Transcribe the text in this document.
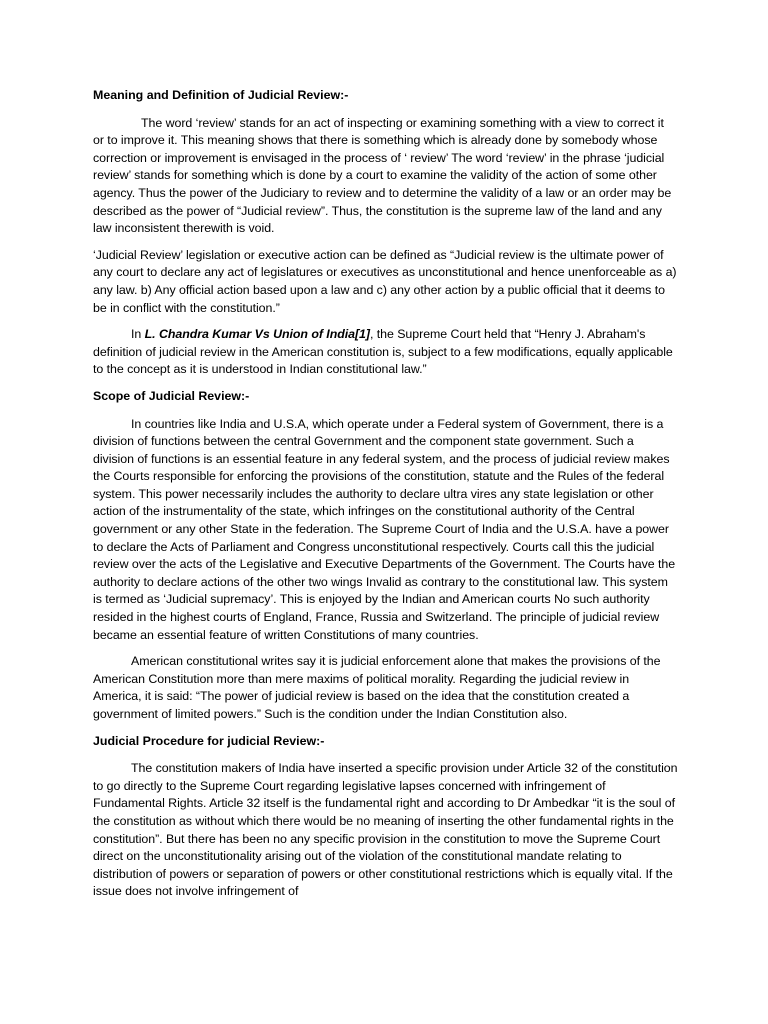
Meaning and Definition of Judicial Review:-

The word ‘review’ stands for an act of inspecting or examining something with a view to correct it or to improve it. This meaning shows that there is something which is already done by somebody whose correction or improvement is envisaged in the process of ‘ review’ The word ‘review’ in the phrase ‘judicial review’ stands for something which is done by a court to examine the validity of the action of some other agency. Thus the power of the Judiciary to review and to determine the validity of a law or an order may be described as the power of “Judicial review”. Thus, the constitution is the supreme law of the land and any law inconsistent therewith is void.

‘Judicial Review’ legislation or executive action can be defined as “Judicial review is the ultimate power of any court to declare any act of legislatures or executives as unconstitutional and hence unenforceable as a) any law. b) Any official action based upon a law and c) any other action by a public official that it deems to be in conflict with the constitution.”

In L. Chandra Kumar Vs Union of India[1], the Supreme Court held that “Henry J. Abraham's definition of judicial review in the American constitution is, subject to a few modifications, equally applicable to the concept as it is understood in Indian constitutional law.”

Scope of Judicial Review:-

In countries like India and U.S.A, which operate under a Federal system of Government, there is a division of functions between the central Government and the component state government. Such a division of functions is an essential feature in any federal system, and the process of judicial review makes the Courts responsible for enforcing the provisions of the constitution, statute and the Rules of the federal system. This power necessarily includes the authority to declare ultra vires any state legislation or other action of the instrumentality of the state, which infringes on the constitutional authority of the Central government or any other State in the federation. The Supreme Court of India and the U.S.A. have a power to declare the Acts of Parliament and Congress unconstitutional respectively. Courts call this the judicial review over the acts of the Legislative and Executive Departments of the Government. The Courts have the authority to declare actions of the other two wings Invalid as contrary to the constitutional law. This system is termed as ‘Judicial supremacy’. This is enjoyed by the Indian and American courts No such authority resided in the highest courts of England, France, Russia and Switzerland. The principle of judicial review became an essential feature of written Constitutions of many countries.

American constitutional writes say it is judicial enforcement alone that makes the provisions of the American Constitution more than mere maxims of political morality. Regarding the judicial review in America, it is said: “The power of judicial review is based on the idea that the constitution created a government of limited powers.” Such is the condition under the Indian Constitution also.

Judicial Procedure for judicial Review:-

The constitution makers of India have inserted a specific provision under Article 32 of the constitution to go directly to the Supreme Court regarding legislative lapses concerned with infringement of Fundamental Rights. Article 32 itself is the fundamental right and according to Dr Ambedkar “it is the soul of the constitution as without which there would be no meaning of inserting the other fundamental rights in the constitution”. But there has been no any specific provision in the constitution to move the Supreme Court direct on the unconstitutionality arising out of the violation of the constitutional mandate relating to distribution of powers or separation of powers or other constitutional restrictions which is equally vital. If the issue does not involve infringement of
